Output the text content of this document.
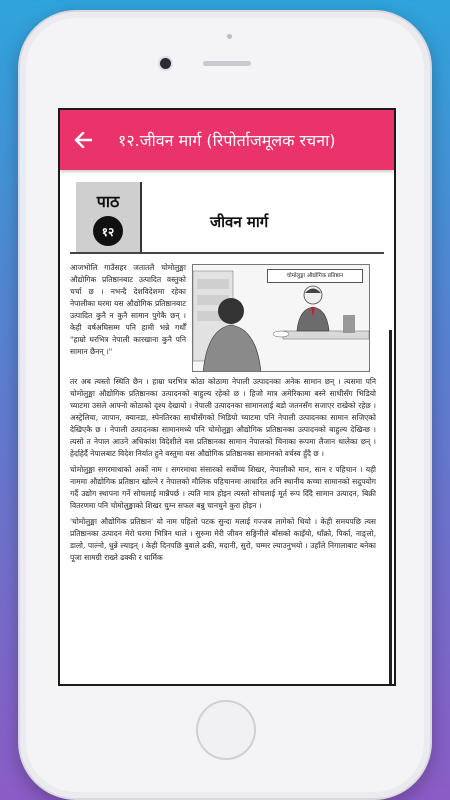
१२.जीवन मार्ग (रिपोर्ताजमूलक रचना)
पाठ
१२
जीवन मार्ग

आजभोलि गाउँसहर जतातलै चोमोलुङ्मा औद्योगिक प्रतिष्ठानबाट उत्पादित वस्तुको चर्चा छ । नभन्दै देशविदेशमा रहेका नेपालीका घरमा यस औद्योगिक प्रतिष्ठानबाट उत्पादित कुनै न कुनै सामान पुगेकै छन् । केही वर्षअघिसम्म पनि हामी भन्ने गर्थौँ "हाम्रो घरभित्र नेपाली कारखाना कुनै पनि सामान छैनन् ।"

चोमोलुङ्मा औद्योगिक प्रतिष्ठान

तर अब त्यस्तो स्थिति छैन । हाम्रा घरभित्र कोठा कोठामा नेपाली उत्पादनका अनेक सामान छन् । त्यसमा पनि चोमोलुङ्मा औद्योगिक प्रतिष्ठानका उत्पादनको बाहुल्य रहेको छ । हिजो मात्र अमेरिकामा बस्ने साथीसँग भिडियो च्याटमा उसले आफ्नो कोठाको दृश्य देखायो । नेपाली उत्पादनका सामानलाई बडो जतनसँग सजाएर राखेको रहेछ । अस्ट्रेलिया, जापान, क्यानडा, स्पेनतिरका साथीसँगको भिडियो च्याटमा पनि नेपाली उत्पादनका सामान सजिएको देखिएकै छ । नेपाली उत्पादनका सामानमध्ये पनि चोमोलुङ्मा औद्योगिक प्रतिष्ठानका उत्पादनको बाहुल्य देखिन्छ । त्यसो त नेपाल आउने अधिकांश विदेशीले यस प्रतिष्ठानका सामान नेपालको चिनाका रूपमा लैजान थालेका छन् । हेर्दाहेर्दै नेपालबाट विदेश निर्यात हुने वस्तुमा यस औद्योगिक प्रतिष्ठानका सामानको वर्चस्व हुँदै छ ।

चोमोलुङ्मा सगरमाथाको अर्को नाम । सगरमाथा संसारको सर्वोच्च शिखर, नेपालीको मान, सान र पहिचान । यही नाममा औद्योगिक प्रतिष्ठान खोल्ने र नेपालको मौलिक पहिचानमा आधारित अनि स्थानीय कच्चा सामानको सदुपयोग गर्दै उद्योग स्थापना गर्ने सोचलाई मान्नैपर्छ । त्यति मात्र होइन त्यस्तो सोचलाई मूर्त रूप दिँदै सामान उत्पादन, बिक्री वितरणमा पनि चोमोलुङ्माको शिखर चुम्न सफल बन्नु चानचुने कुरा होइन ।

'चोमोलुङ्मा औद्योगिक प्रतिष्ठान' यो नाम पहिलो पटक सुन्दा मलाई गज्जब लागेको थियो । केही समयपछि त्यस प्रतिष्ठानका उत्पादन मेरो घरमा भित्रिन थाले । सुरुमा मेरी जीवन सङ्गिनीले बाँसको काइँयो, थाँक्रो, पिर्का, नाङ्लो, डालो, पाल्नो, धुन्ने ल्याइन् । केही दिनपछि बुवाले ढकी, मदानी, सुरो, चम्मर ल्याउनुभयो । उहाँले निगालाबाट बनेका पूजा सामग्री राख्ने ढक्की र धार्मिक
